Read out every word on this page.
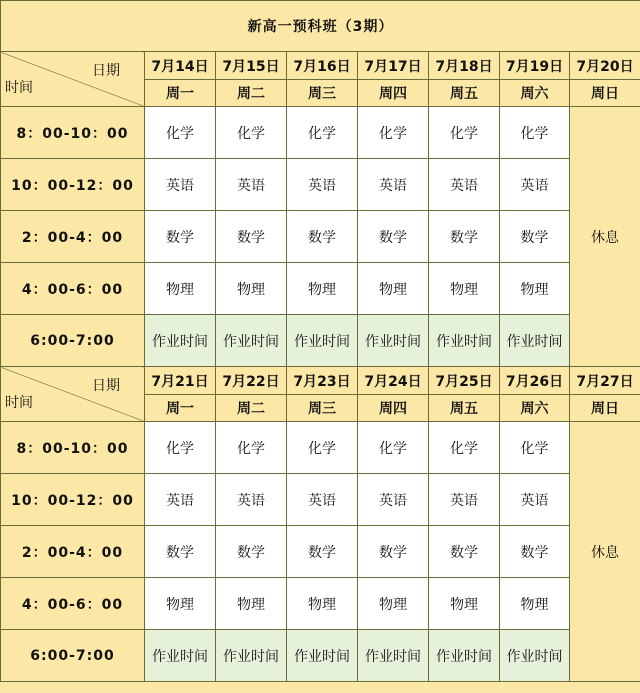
新高一预科班（3期）							

日期
时间	7月14日	7月15日	7月16日	7月17日	7月18日	7月19日	7月20日
	周一	周二	周三	周四	周五	周六	周日
8：00-10：00	化学	化学	化学	化学	化学	化学	休息
10：00-12：00	英语	英语	英语	英语	英语	英语	
2：00-4：00	数学	数学	数学	数学	数学	数学	
4：00-6：00	物理	物理	物理	物理	物理	物理	
6:00-7:00	作业时间	作业时间	作业时间	作业时间	作业时间	作业时间	

日期
时间	7月21日	7月22日	7月23日	7月24日	7月25日	7月26日	7月27日
	周一	周二	周三	周四	周五	周六	周日
8：00-10：00	化学	化学	化学	化学	化学	化学	休息
10：00-12：00	英语	英语	英语	英语	英语	英语	
2：00-4：00	数学	数学	数学	数学	数学	数学	
4：00-6：00	物理	物理	物理	物理	物理	物理	
6:00-7:00	作业时间	作业时间	作业时间	作业时间	作业时间	作业时间	
